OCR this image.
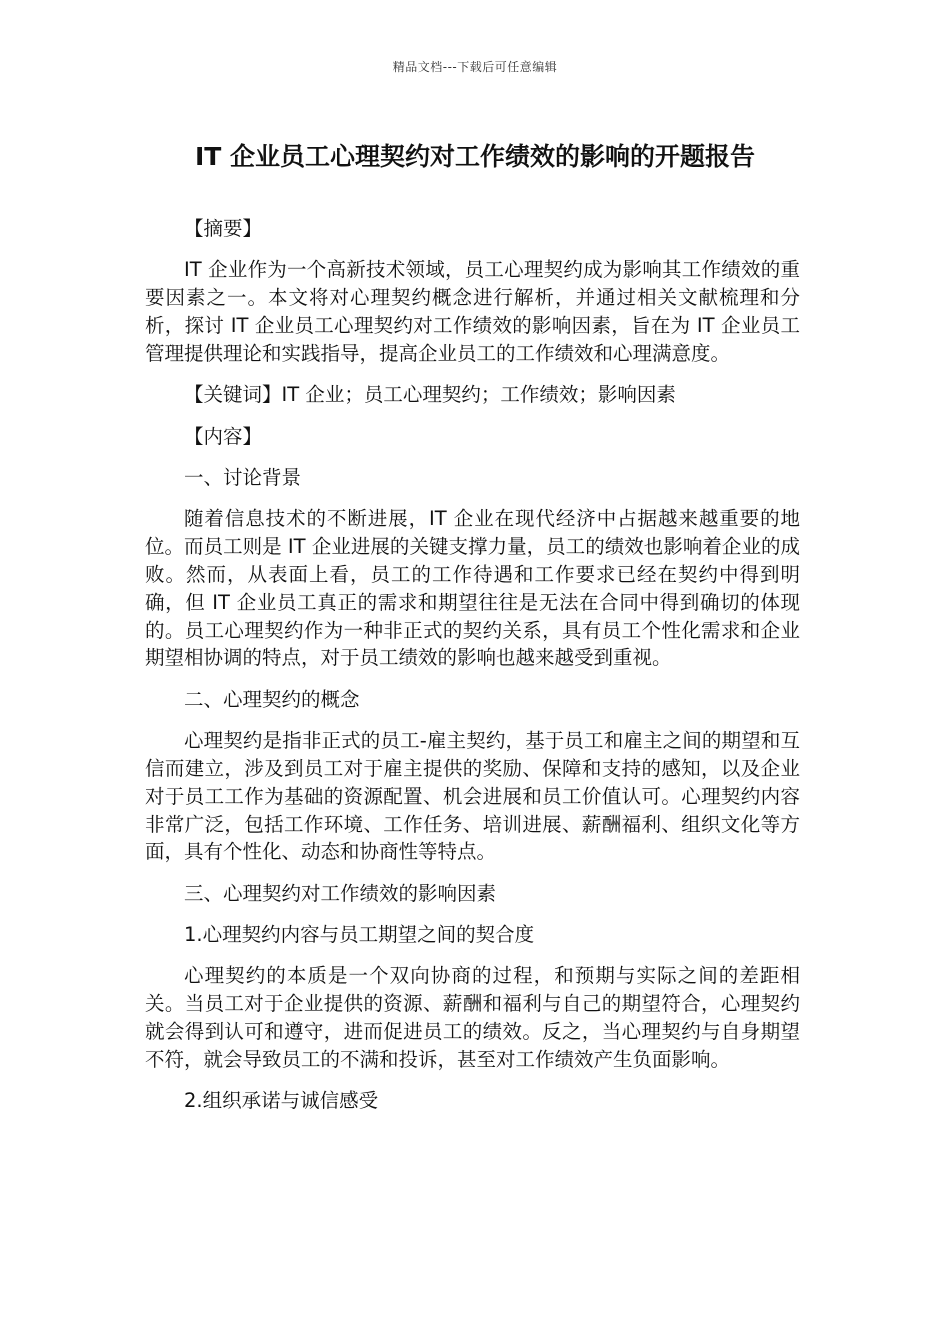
精品文档---下载后可任意编辑
IT 企业员工心理契约对工作绩效的影响的开题报告

【摘要】

IT 企业作为一个高新技术领域，员工心理契约成为影响其工作绩效的重要因素之一。本文将对心理契约概念进行解析，并通过相关文献梳理和分析，探讨 IT 企业员工心理契约对工作绩效的影响因素，旨在为 IT 企业员工管理提供理论和实践指导，提高企业员工的工作绩效和心理满意度。

【关键词】IT 企业；员工心理契约；工作绩效；影响因素

【内容】

一、讨论背景

随着信息技术的不断进展，IT 企业在现代经济中占据越来越重要的地位。而员工则是 IT 企业进展的关键支撑力量，员工的绩效也影响着企业的成败。然而，从表面上看，员工的工作待遇和工作要求已经在契约中得到明确，但 IT 企业员工真正的需求和期望往往是无法在合同中得到确切的体现的。员工心理契约作为一种非正式的契约关系，具有员工个性化需求和企业期望相协调的特点，对于员工绩效的影响也越来越受到重视。

二、心理契约的概念

心理契约是指非正式的员工-雇主契约，基于员工和雇主之间的期望和互信而建立，涉及到员工对于雇主提供的奖励、保障和支持的感知，以及企业对于员工工作为基础的资源配置、机会进展和员工价值认可。心理契约内容非常广泛，包括工作环境、工作任务、培训进展、薪酬福利、组织文化等方面，具有个性化、动态和协商性等特点。

三、心理契约对工作绩效的影响因素

1.心理契约内容与员工期望之间的契合度

心理契约的本质是一个双向协商的过程，和预期与实际之间的差距相关。当员工对于企业提供的资源、薪酬和福利与自己的期望符合，心理契约就会得到认可和遵守，进而促进员工的绩效。反之，当心理契约与自身期望不符，就会导致员工的不满和投诉，甚至对工作绩效产生负面影响。

2.组织承诺与诚信感受
